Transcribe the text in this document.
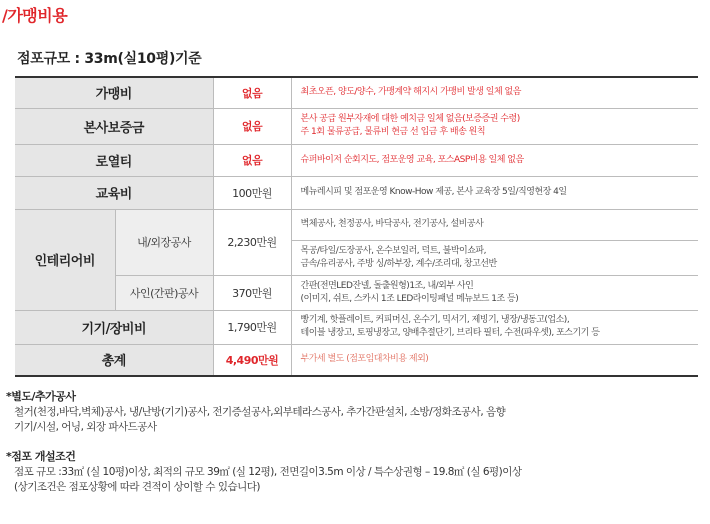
/가맹비용
점포규모 : 33m(실10평)기준
가맹비		없음	최초오픈, 양도/양수, 가맹계약 해지시 가맹비 발생 일체 없음
본사보증금		없음	본사 공급 원부자재에 대한 예치금 일체 없음(보증증권 수령)
주 1회 물류공급, 물류비 현금 선 입금 후 배송 원칙

로열티		없음	슈퍼바이저 순회지도, 점포운영 교육, 포스ASP비용 일체 없음
교육비		100만원	메뉴레시피 및 점포운영 Know-How 제공, 본사 교육장 5일/직영현장 4일
인테리어비	내/외장공사	2,230만원	벽체공사, 천정공사, 바닥공사, 전기공사, 설비공사

			목공/타일/도장공사, 온수보일러, 덕트, 불박이쇼파,
금속/유리공사, 주방 싱/하부장, 계수/조리대, 창고선반

	사인(간판)공사	370만원	간판(전면LED잔넬, 돌출원형)1조, 내/외부 사인
(이미지, 쉬트, 스카시 1조 LED라이팅패널 메뉴보드 1조 등)

기기/장비비		1,790만원	빵기계, 핫플레이트, 커피머신, 온수기, 믹서기, 제빙기, 냉장/냉동고(업소),
테이블 냉장고, 토핑냉장고, 양배추절단기, 브리타 필터, 수전(파우셋), 포스기기 등

총계		4,490만원	부가세 별도 (점포임대차비용 제외)
*별도/추가공사
철거(천정,바닥,벽체)공사, 냉/난방(기기)공사, 전기증설공사,외부테라스공사, 추가간판설치, 소방/정화조공사, 음향
기기/시설, 어닝, 외장 파사드공사
*점포 개설조건
점포 규모 :33㎡ (실 10평)이상, 최적의 규모 39㎡ (실 12평), 전면길이3.5m 이상 / 특수상권형 – 19.8㎡ (실 6평)이상
(상기조건은 점포상황에 따라 견적이 상이할 수 있습니다)
